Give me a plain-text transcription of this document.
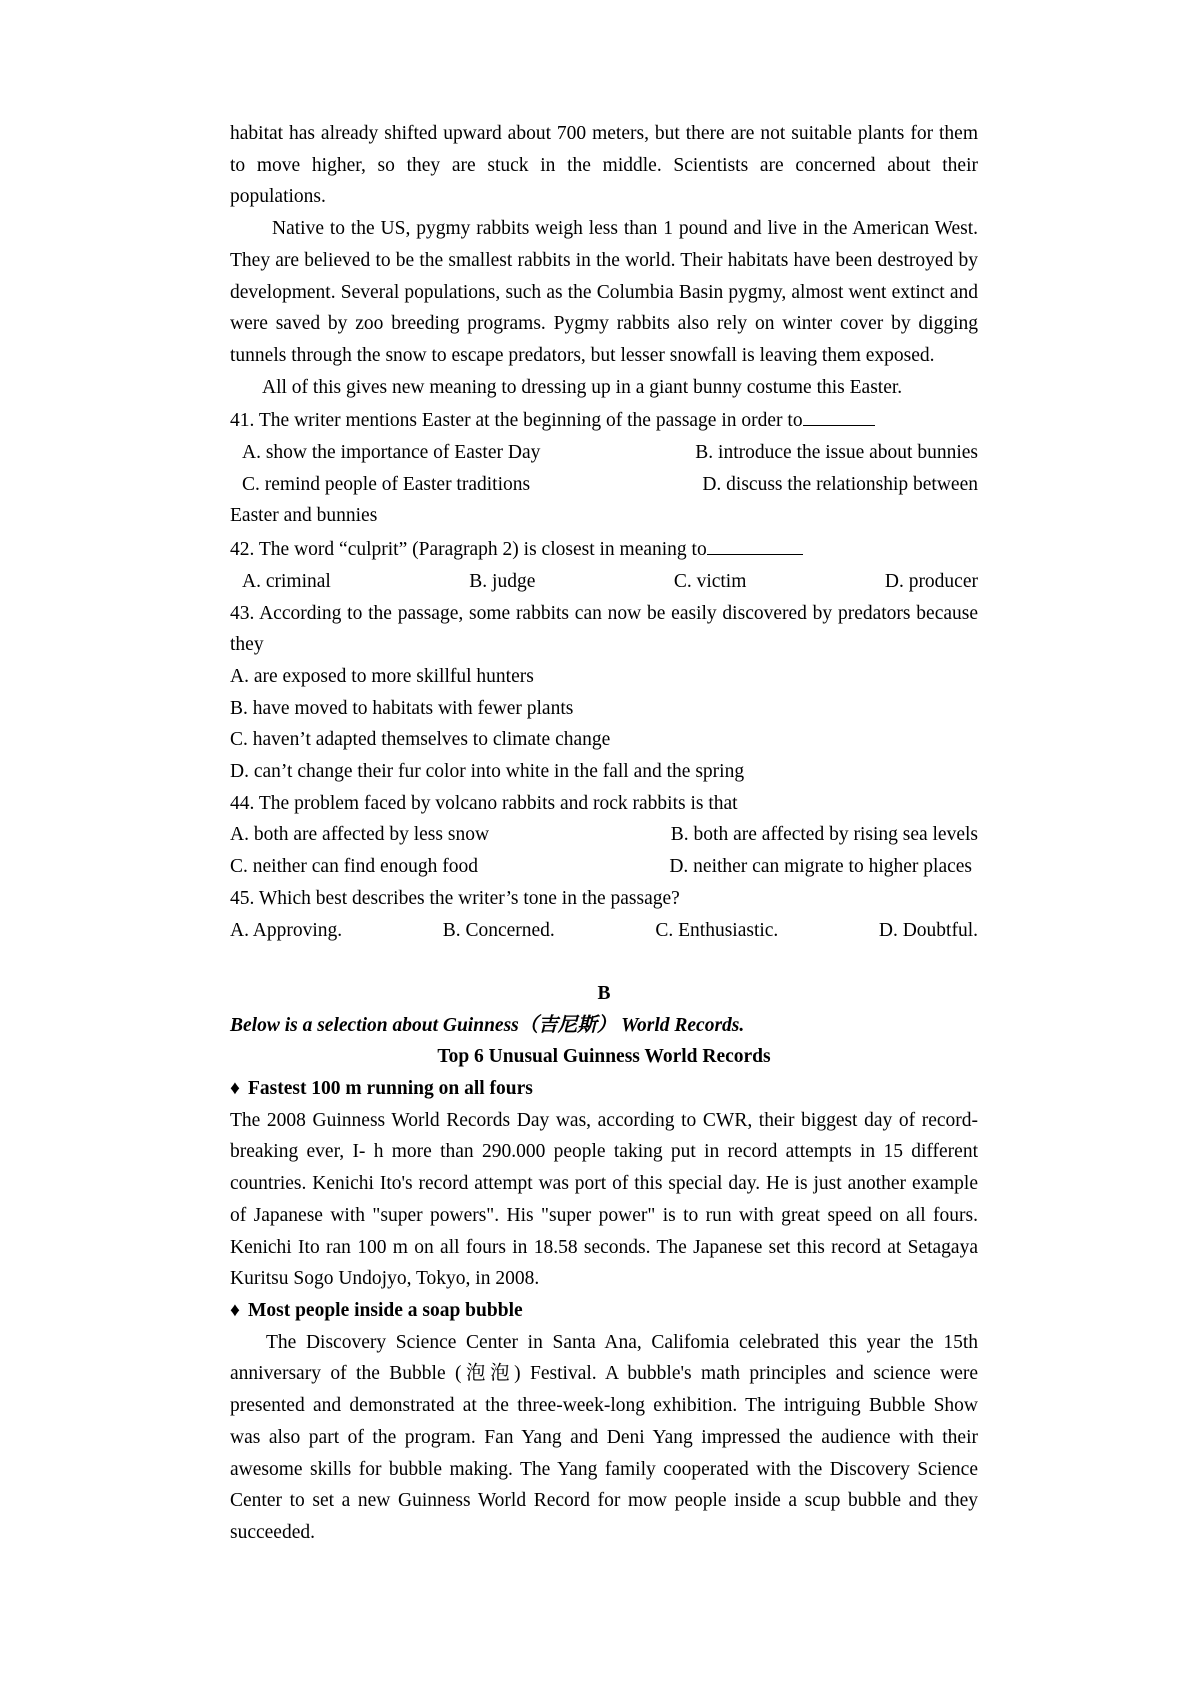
habitat has already shifted upward about 700 meters, but there are not suitable plants for them to move higher, so they are stuck in the middle. Scientists are concerned about their populations.

Native to the US, pygmy rabbits weigh less than 1 pound and live in the American West. They are believed to be the smallest rabbits in the world. Their habitats have been destroyed by development. Several populations, such as the Columbia Basin pygmy, almost went extinct and were saved by zoo breeding programs. Pygmy rabbits also rely on winter cover by digging tunnels through the snow to escape predators, but lesser snowfall is leaving them exposed.

All of this gives new meaning to dressing up in a giant bunny costume this Easter.

41. The writer mentions Easter at the beginning of the passage in order to

A. show the importance of Easter Day	B. introduce the issue about bunnies
C. remind people of Easter traditions	D. discuss the relationship between

Easter and bunnies

42. The word “culprit” (Paragraph 2) is closest in meaning to

A. criminal	B. judge	C. victim	D. producer

43. According to the passage, some rabbits can now be easily discovered by predators because they

A. are exposed to more skillful hunters

B. have moved to habitats with fewer plants

C. haven’t adapted themselves to climate change

D. can’t change their fur color into white in the fall and the spring

44. The problem faced by volcano rabbits and rock rabbits is that

A. both are affected by less snow	B. both are affected by rising sea levels
C. neither can find enough food	D. neither can migrate to higher places

45. Which best describes the writer’s tone in the passage?

A. Approving.	B. Concerned.	C. Enthusiastic.	D. Doubtful.

B

Below is a selection about Guinness（吉尼斯） World Records.

Top 6 Unusual Guinness World Records

♦ Fastest 100 m running on all fours

The 2008 Guinness World Records Day was, according to CWR, their biggest day of record-breaking ever, I- h more than 290.000 people taking put in record attempts in 15 different countries. Kenichi Ito's record attempt was port of this special day. He is just another example of Japanese with "super powers". His "super power" is to run with great speed on all fours. Kenichi Ito ran 100 m on all fours in 18.58 seconds. The Japanese set this record at Setagaya Kuritsu Sogo Undojyo, Tokyo, in 2008.

♦ Most people inside a soap bubble

The Discovery Science Center in Santa Ana, Califomia celebrated this year the 15th anniversary of the Bubble (泡泡) Festival. A bubble's math principles and science were presented and demonstrated at the three-week-long exhibition. The intriguing Bubble Show was also part of the program. Fan Yang and Deni Yang impressed the audience with their awesome skills for bubble making. The Yang family cooperated with the Discovery Science Center to set a new Guinness World Record for mow people inside a scup bubble and they succeeded.
